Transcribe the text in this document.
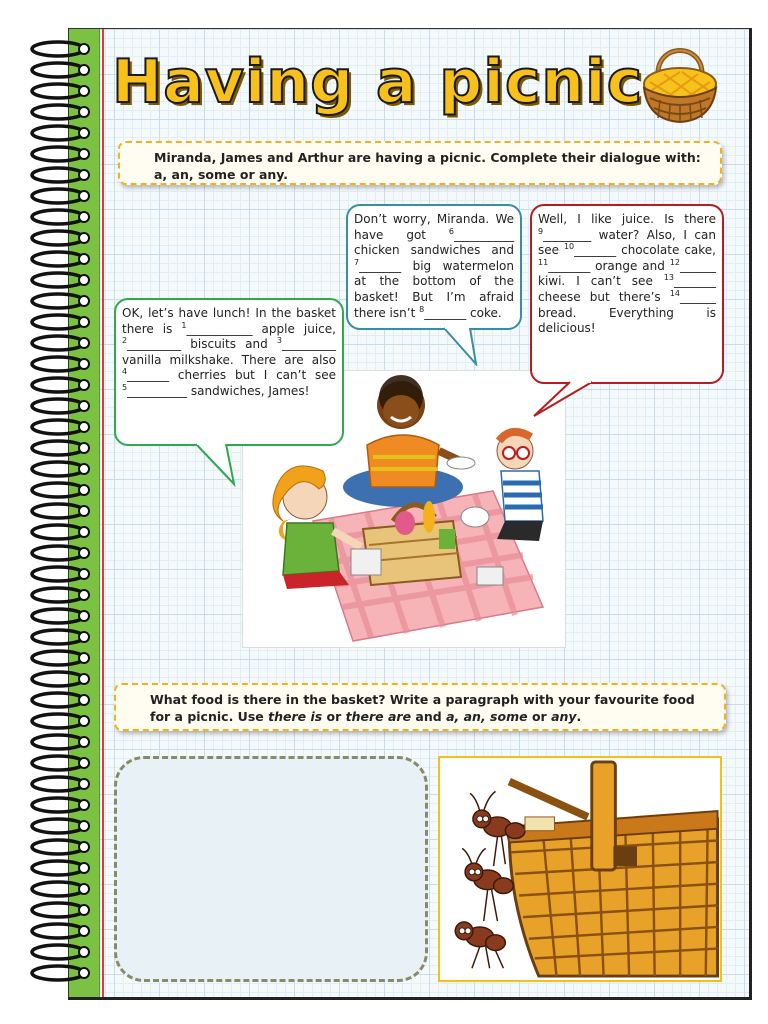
Having a picnic
Miranda, James and Arthur are having a picnic. Complete their dialogue with: a, an, some or any.
OK, let’s have lunch! In the basket there is $^1$___________ apple juice, $^2$_________ biscuits and $^3$_________ vanilla milkshake. There are also $^4$_______ cherries but I can’t see $^5$__________ sandwiches, James!
Don’t worry, Miranda. We have got $^6$__________ chicken sandwiches and $^7$_______ big watermelon at the bottom of the basket! But I’m afraid there isn’t $^8$_______ coke.
Well, I like juice. Is there $^9$________ water? Also, I can see $^{10}$_______ chocolate cake, $^{11}$_______ orange and $^{12}$______ kiwi. I can’t see $^{13}$_______ cheese but there’s $^{14}$______ bread. Everything is delicious!
What food is there in the basket? Write a paragraph with your favourite food for a picnic. Use there is or there are and a, an, some or any.
